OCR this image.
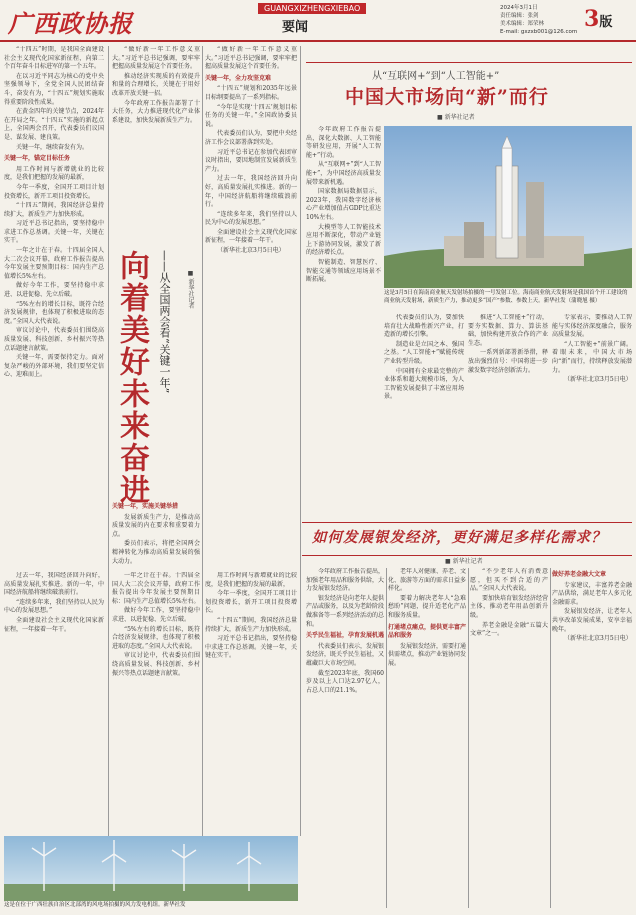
广西政协报
GUANGXIZHENGXIEBAO
要闻
2024年3月1日
责任编辑：张剑
美术编辑：郑荣林
E-mail: gxzxb001@126.com 3版

“十四五”时期，是我国全面建设社会主义现代化国家新征程，向第二个百年奋斗目标进军的第一个五年。

在以习近平同志为核心的党中央坚强领导下，全党全国人民团结奋斗，奋发有为，“十四五”规划实施取得重要阶段性成果。

在黄金四年的关键节点，2024年在开局之年。“十四五”实施的新起点上，全国两会召开，代表委员们议国是、谋发展、建良策。

关键一年，继续奋发有为。

关键一年，锚定目标任务

用工作时间与新增就业的比较度，是我们把握的发展的最新，

今年一季度，全国开工项目计划投资增长，新开工项目投资增长。

“十四五”期间，我国经济总量持续扩大，新质生产力加快形成。

习近平总书记指出，要坚持稳中求进工作总基调。关键一年，关键在实干。

一年之计在于春。十四届全国人大二次会议开幕，政府工作报告提出今年发展主要预期目标：国内生产总值增长5%左右。

做好今年工作，要坚持稳中求进、以进促稳、先立后破。

“5%左右的增长目标，既符合经济发展规律，也体现了积极进取的态度。”全国人大代表说。

审议讨论中，代表委员们围绕高质量发展、科技创新、乡村振兴等热点话题建言献策。

关键一年，需要保持定力。面对复杂严峻的外部环境，我们要坚定信心、迎难而上。	向着美好未来奋进 ——从全国两会看“关键一年”	■ 新华社记者

“做好新一年工作意义重大。”习近平总书记强调，要牢牢把握高质量发展这个首要任务。

推动经济实现质的有效提升和量的合理增长，关键在于用好改革开放关键一招。

今年政府工作报告部署了十大任务，大力推进现代化产业体系建设，加快发展新质生产力。

关键一年，实施关键举措

发展新质生产力，是推动高质量发展的内在要求和重要着力点。

委员们表示，将把全国两会精神转化为推动高质量发展的强大动力。

过去一年，我国经济回升向好，高质量发展扎实推进。新的一年，中国经济航船将继续破浪前行。

“连续多年来，我们坚持以人民为中心的发展思想。”

全面建设社会主义现代化国家新征程，一年接着一年干。

“做好新一年工作意义重大。”习近平总书记强调，要牢牢把握高质量发展这个首要任务。

关键一年，全力攻坚克难

“十四五”规划和2035年远景目标纲要提出了一系列指标。

“今年是实现‘十四五’规划目标任务的关键一年。”全国政协委员说。

代表委员们认为，要把中央经济工作会议部署落到实处。

习近平总书记在参加代表团审议时指出，要因地制宜发展新质生产力。

过去一年，我国经济回升向好，高质量发展扎实推进。新的一年，中国经济航船将继续破浪前行。

“连续多年来，我们坚持以人民为中心的发展思想。”

全面建设社会主义现代化国家新征程，一年接着一年干。

（新华社北京3月5日电）

一年之计在于春。十四届全国人大二次会议开幕，政府工作报告提出今年发展主要预期目标：国内生产总值增长5%左右。

做好今年工作，要坚持稳中求进、以进促稳、先立后破。

“5%左右的增长目标，既符合经济发展规律，也体现了积极进取的态度。”全国人大代表说。

审议讨论中，代表委员们围绕高质量发展、科技创新、乡村振兴等热点话题建言献策。

用工作时间与新增就业的比较度，是我们把握的发展的最新，

今年一季度，全国开工项目计划投资增长，新开工项目投资增长。

“十四五”期间，我国经济总量持续扩大，新质生产力加快形成。

习近平总书记指出，要坚持稳中求进工作总基调。关键一年，关键在实干。

这是在位于广西壮族自治区北部湾的风电场拍摄的风力发电机组。新华社发
从“互联网+”到“人工智能+”
中国大市场向“新”而行
■ 新华社记者

今年政府工作报告提出，深化大数据、人工智能等研发应用，开展“人工智能+”行动。

从“互联网+”到“人工智能+”，为中国经济高质量发展带来新机遇。

国家数据局数据显示，2023年，我国数字经济核心产业增加值占GDP比重达10%左右。

大模型等人工智能技术应用不断深化，带动产业链上下游协同发展，激发了新的经济增长点。

智能制造、智慧医疗、智能交通等领域应用场景不断拓展。

这是3月5日在海南商业航天发射场拍摄的一号发射工位。海南商业航天发射场是我国首个开工建设的商业航天发射场，新质生产力，推动更多“国产”参数、参数上天。新华社发（蒲晓旭 摄）

代表委员们认为，要加快培育壮大战略性新兴产业，打造新的增长引擎。

制造业是立国之本、强国之基。“人工智能+”赋能传统产业转型升级。

中国拥有全球最完整的产业体系和超大规模市场，为人工智能发展提供了丰富应用场景。

推进“人工智能+”行动，要夯实数据、算力、算法基础，加快构建开放合作的产业生态。

一系列新部署新举措，释放出强烈信号：中国将进一步激发数字经济创新活力。

专家表示，要推动人工智能与实体经济深度融合，服务高质量发展。

“人工智能+”前景广阔。着眼未来，中国大市场向“新”而行，持续释放发展潜力。

（新华社北京3月5日电）

如何发展银发经济，更好满足多样化需求？
■ 新华社记者

今年政府工作报告提出，加强老年用品和服务供给，大力发展银发经济。

银发经济是向老年人提供产品或服务，以及为老龄阶段做准备等一系列经济活动的总和。

关乎民生福祉，孕育发展机遇

代表委员们表示，发展银发经济，既关乎民生福祉，又蕴藏巨大市场空间。

截至2023年底，我国60岁及以上人口达2.97亿人，占总人口的21.1%。

老年人对健康、养老、文化、旅游等方面的需求日益多样化。

要着力解决老年人“急难愁盼”问题，提升适老化产品和服务质量。

打通堵点痛点，提供更丰富产品和服务

发展银发经济，需要打通供需堵点，推动产业链协同发展。

“不少老年人有消费意愿，但买不到合适的产品。”全国人大代表说。

要加快培育银发经济经营主体，推动老年用品创新升级。

养老金融是金融“五篇大文章”之一。

做好养老金融大文章

专家建议，丰富养老金融产品供给，满足老年人多元化金融需求。

发展银发经济，让老年人共享改革发展成果，安享幸福晚年。

（新华社北京3月5日电）
